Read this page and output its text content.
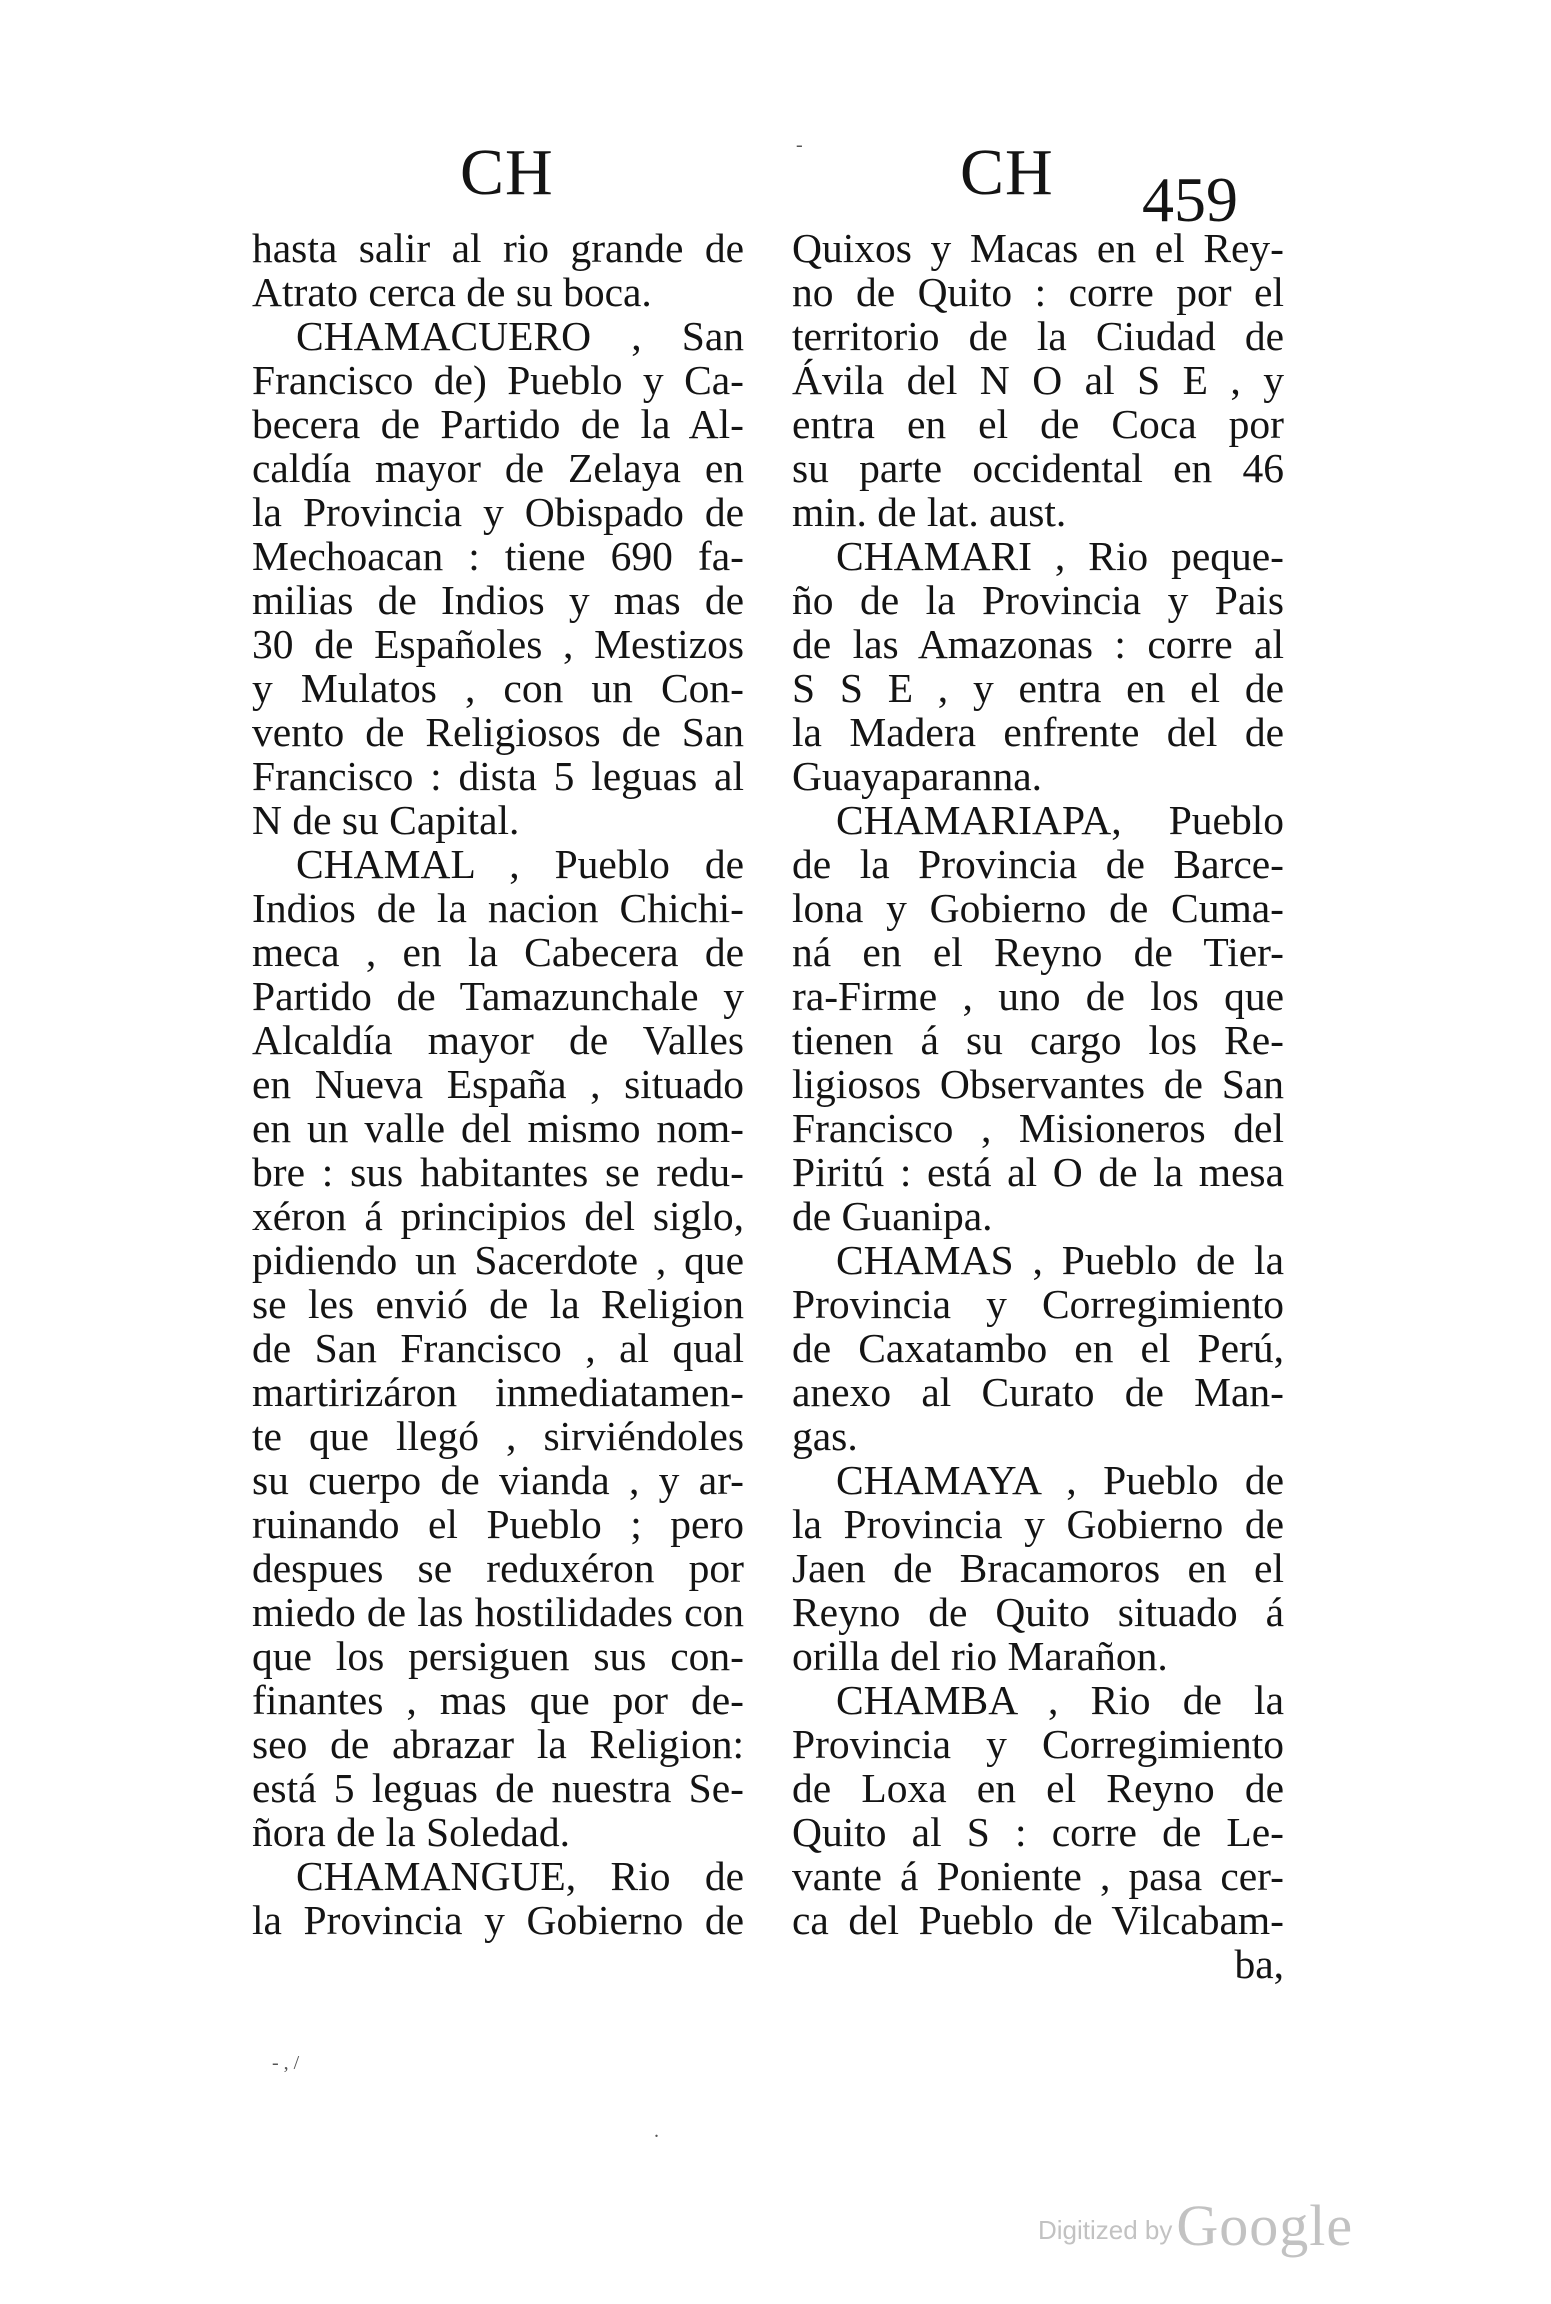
CH	CH 459
hasta salir al rio grande de
Atrato cerca de su boca.
CHAMACUERO , San
Francisco de) Pueblo y Ca-
becera de Partido de la Al-
caldía mayor de Zelaya en
la Provincia y Obispado de
Mechoacan : tiene 690 fa-
milias de Indios y mas de
30 de Españoles , Mestizos
y Mulatos , con un Con-
vento de Religiosos de San
Francisco : dista 5 leguas al
N de su Capital.
CHAMAL , Pueblo de
Indios de la nacion Chichi-
meca , en la Cabecera de
Partido de Tamazunchale y
Alcaldía mayor de Valles
en Nueva España , situado
en un valle del mismo nom-
bre : sus habitantes se redu-
xéron á principios del siglo,
pidiendo un Sacerdote , que
se les envió de la Religion
de San Francisco , al qual
martirizáron inmediatamen-
te que llegó , sirviéndoles
su cuerpo de vianda , y ar-
ruinando el Pueblo ; pero
despues se reduxéron por
miedo de las hostilidades con
que los persiguen sus con-
finantes , mas que por de-
seo de abrazar la Religion:
está 5 leguas de nuestra Se-
ñora de la Soledad.
CHAMANGUE, Rio de
la Provincia y Gobierno de
Quixos y Macas en el Rey-
no de Quito : corre por el
territorio de la Ciudad de
Ávila del N O al S E , y
entra en el de Coca por
su parte occidental en 46
min. de lat. aust.
CHAMARI , Rio peque-
ño de la Provincia y Pais
de las Amazonas : corre al
S S E , y entra en el de
la Madera enfrente del de
Guayaparanna.
CHAMARIAPA, Pueblo
de la Provincia de Barce-
lona y Gobierno de Cuma-
ná en el Reyno de Tier-
ra-Firme , uno de los que
tienen á su cargo los Re-
ligiosos Observantes de San
Francisco , Misioneros del
Piritú : está al O de la mesa
de Guanipa.
CHAMAS , Pueblo de la
Provincia y Corregimiento
de Caxatambo en el Perú,
anexo al Curato de Man-
gas.
CHAMAYA , Pueblo de
la Provincia y Gobierno de
Jaen de Bracamoros en el
Reyno de Quito situado á
orilla del rio Marañon.
CHAMBA , Rio de la
Provincia y Corregimiento
de Loxa en el Reyno de
Quito al S : corre de Le-
vante á Poniente , pasa cer-
ca del Pueblo de Vilcabam-
ba,
-
- , /
.
Digitized by Google
